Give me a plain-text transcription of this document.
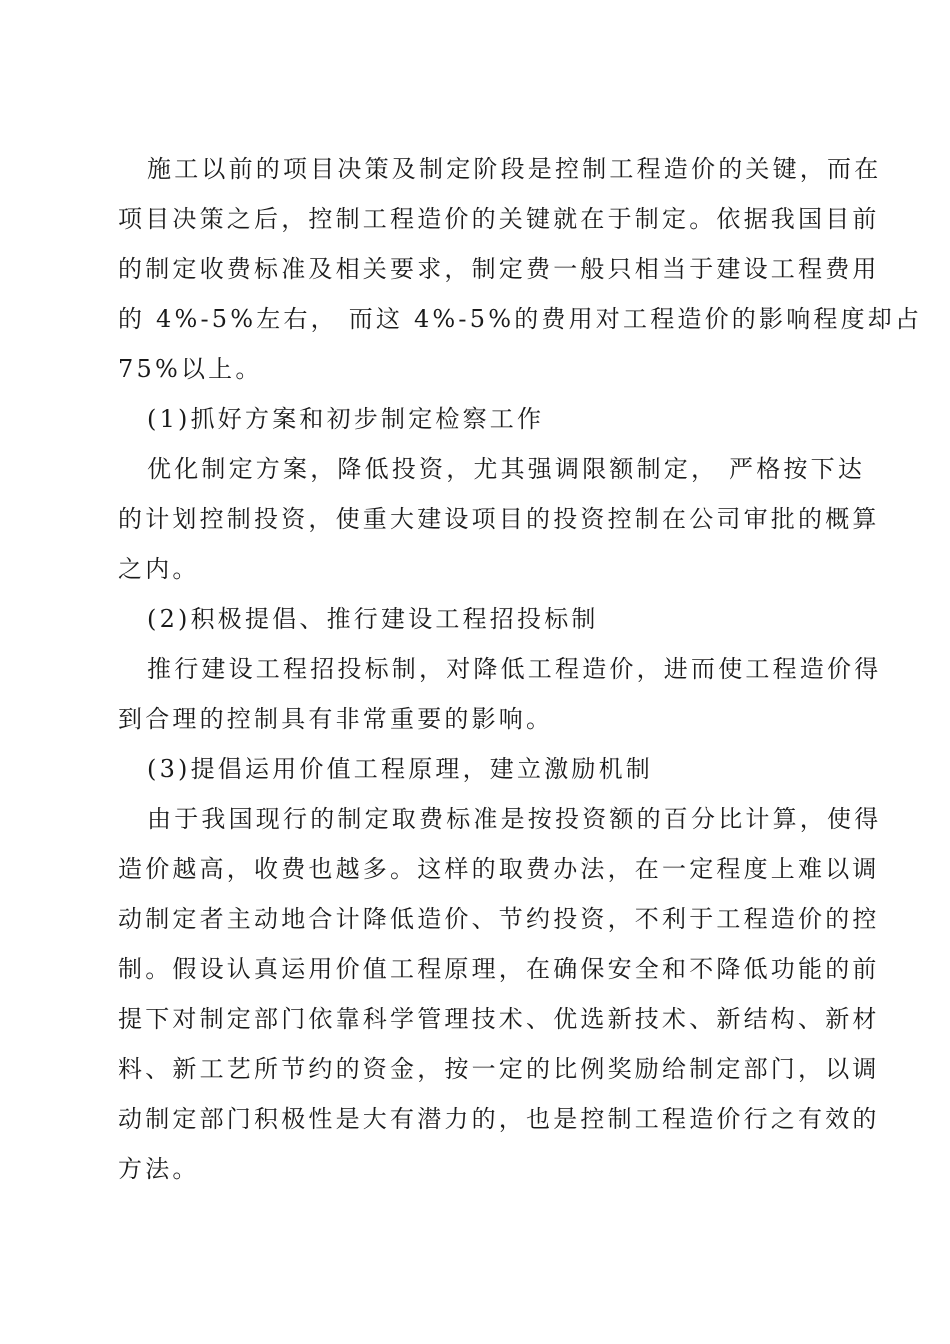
施工以前的项目决策及制定阶段是控制工程造价的关键，而在
项目决策之后，控制工程造价的关键就在于制定。依据我国目前
的制定收费标准及相关要求，制定费一般只相当于建设工程费用
的 4%-5%左右， 而这 4%-5%的费用对工程造价的影响程度却占
75%以上。
(1)抓好方案和初步制定检察工作
优化制定方案，降低投资，尤其强调限额制定， 严格按下达
的计划控制投资，使重大建设项目的投资控制在公司审批的概算
之内。
(2)积极提倡、推行建设工程招投标制
推行建设工程招投标制，对降低工程造价，进而使工程造价得
到合理的控制具有非常重要的影响。
(3)提倡运用价值工程原理，建立激励机制
由于我国现行的制定取费标准是按投资额的百分比计算，使得
造价越高，收费也越多。这样的取费办法，在一定程度上难以调
动制定者主动地合计降低造价、节约投资，不利于工程造价的控
制。假设认真运用价值工程原理，在确保安全和不降低功能的前
提下对制定部门依靠科学管理技术、优选新技术、新结构、新材
料、新工艺所节约的资金，按一定的比例奖励给制定部门，以调
动制定部门积极性是大有潜力的，也是控制工程造价行之有效的
方法。
